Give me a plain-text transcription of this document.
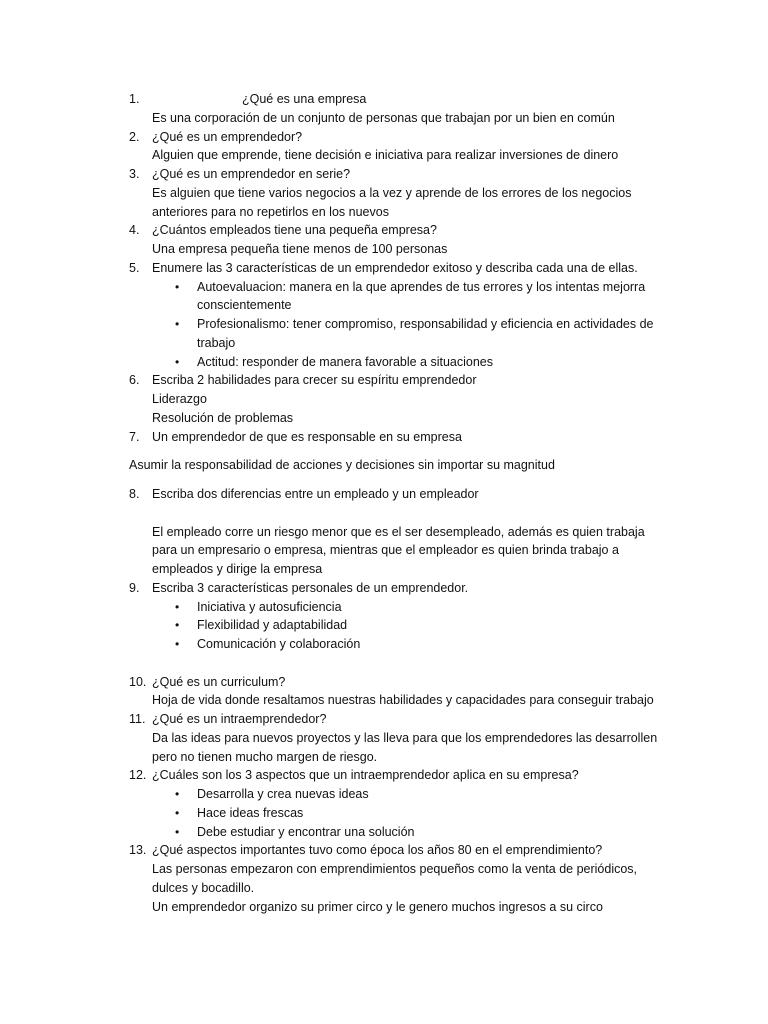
1.	¿Qué es una empresa
Es una corporación de un conjunto de personas que trabajan por un bien en común
2. ¿Qué es un emprendedor?
Alguien que emprende, tiene decisión e iniciativa para realizar inversiones de dinero
3. ¿Qué es un emprendedor en serie?
Es alguien que tiene varios negocios a la vez y aprende de los errores de los negocios
anteriores para no repetirlos en los nuevos
4. ¿Cuántos empleados tiene una pequeña empresa?
Una empresa pequeña tiene menos de 100 personas
5. Enumere las 3 características de un emprendedor exitoso y describa cada una de ellas.
• Autoevaluacion: manera en la que aprendes de tus errores y los intentas mejorra
conscientemente
• Profesionalismo: tener compromiso, responsabilidad y eficiencia en actividades de
trabajo
• Actitud: responder de manera favorable a situaciones
6. Escriba 2 habilidades para crecer su espíritu emprendedor
Liderazgo
Resolución de problemas
7. Un emprendedor de que es responsable en su empresa
Asumir la responsabilidad de acciones y decisiones sin importar su magnitud
8. Escriba dos diferencias entre un empleado y un empleador
El empleado corre un riesgo menor que es el ser desempleado, además es quien trabaja
para un empresario o empresa, mientras que el empleador es quien brinda trabajo a
empleados y dirige la empresa
9. Escriba 3 características personales de un emprendedor.
• Iniciativa y autosuficiencia
• Flexibilidad y adaptabilidad
• Comunicación y colaboración
10. ¿Qué es un curriculum?
Hoja de vida donde resaltamos nuestras habilidades y capacidades para conseguir trabajo
11. ¿Qué es un intraemprendedor?
Da las ideas para nuevos proyectos y las lleva para que los emprendedores las desarrollen
pero no tienen mucho margen de riesgo.
12. ¿Cuáles son los 3 aspectos que un intraemprendedor aplica en su empresa?
• Desarrolla y crea nuevas ideas
• Hace ideas frescas
• Debe estudiar y encontrar una solución
13. ¿Qué aspectos importantes tuvo como época los años 80 en el emprendimiento?
Las personas empezaron con emprendimientos pequeños como la venta de periódicos,
dulces y bocadillo.
Un emprendedor organizo su primer circo y le genero muchos ingresos a su circo
